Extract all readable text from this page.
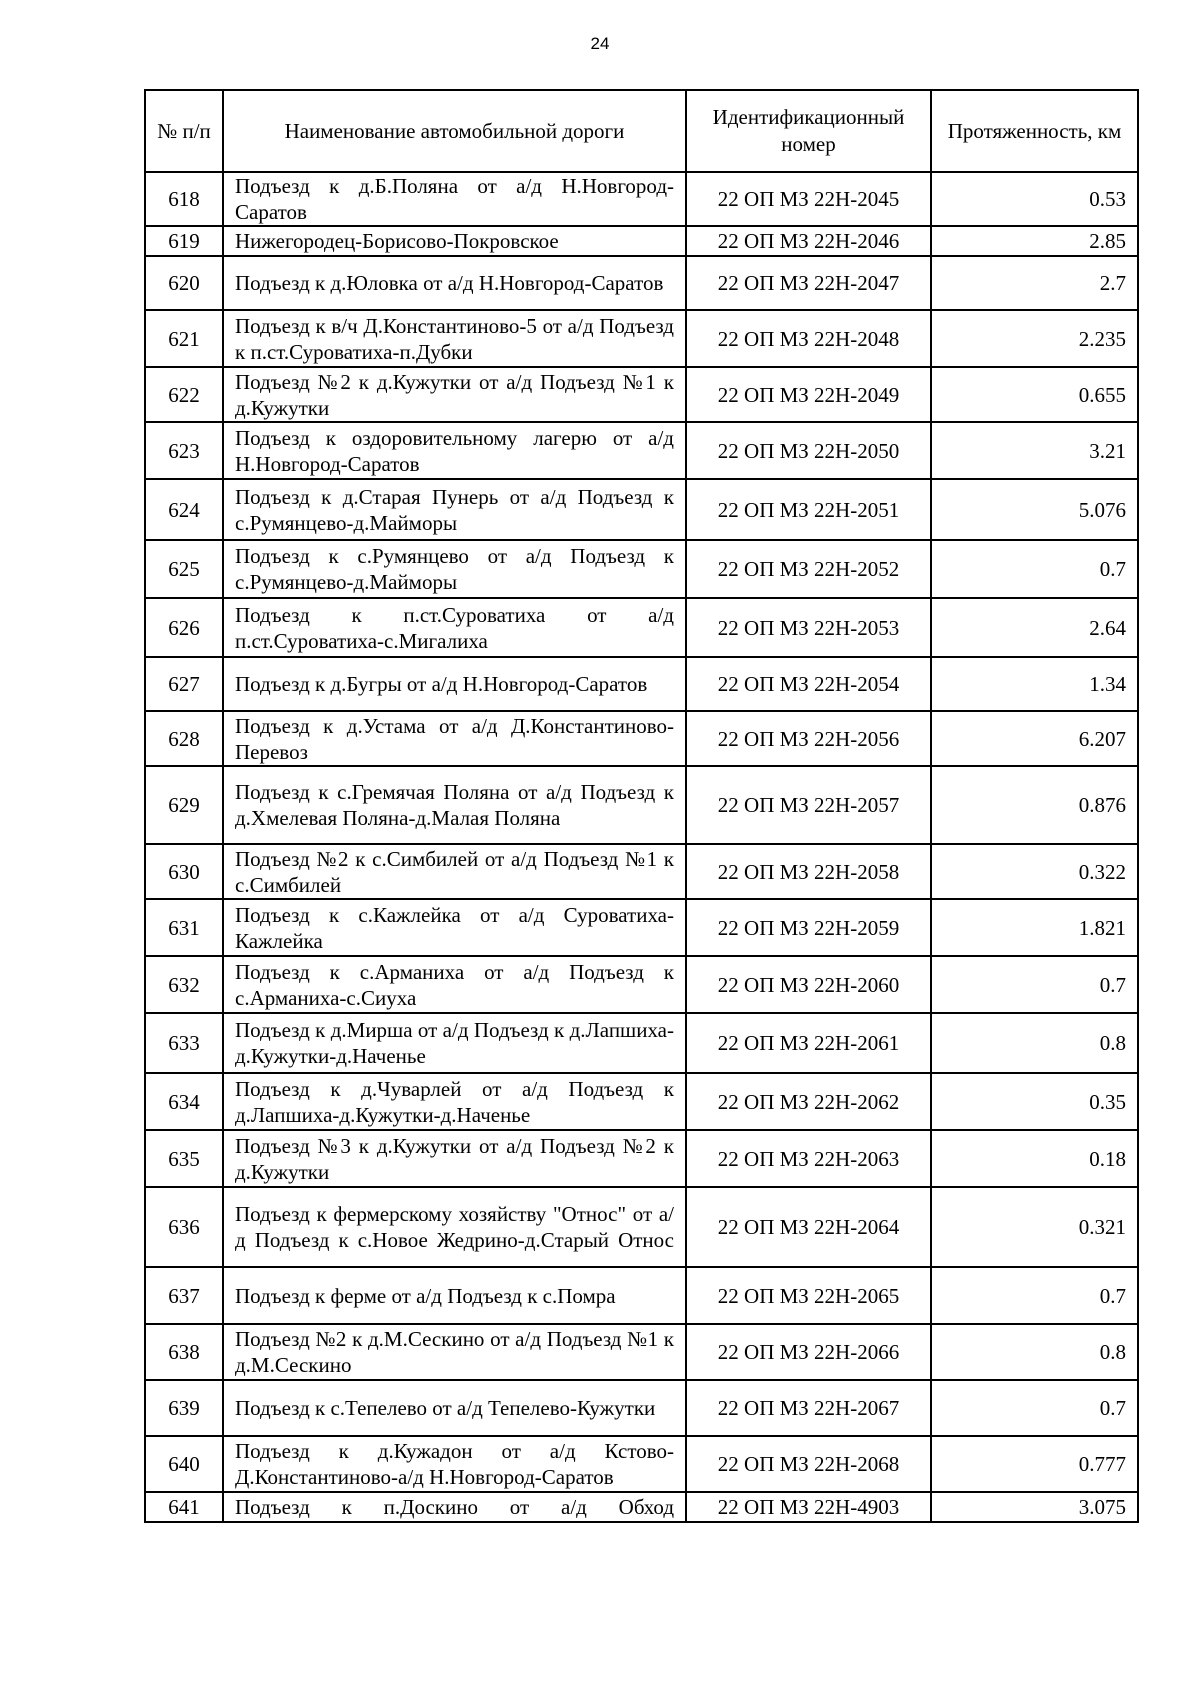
24
№ п/п	Наименование автомобильной дороги	Идентификационный номер	Протяженность, км
618	Подъезд к д.Б.Поляна от а/д Н.Новгород-Саратов	22 ОП МЗ 22Н-2045	0.53
619	Нижегородец-Борисово-Покровское	22 ОП МЗ 22Н-2046	2.85
620	Подъезд к д.Юловка от а/д Н.Новгород-Саратов	22 ОП МЗ 22Н-2047	2.7
621	Подъезд к в/ч Д.Константиново-5 от а/д Подъезд к п.ст.Суроватиха-п.Дубки	22 ОП МЗ 22Н-2048	2.235
622	Подъезд №2 к д.Кужутки от а/д Подъезд №1 к д.Кужутки	22 ОП МЗ 22Н-2049	0.655
623	Подъезд к оздоровительному лагерю от а/д Н.Новгород-Саратов	22 ОП МЗ 22Н-2050	3.21
624	Подъезд к д.Старая Пунерь от а/д Подъезд к с.Румянцево-д.Майморы	22 ОП МЗ 22Н-2051	5.076
625	Подъезд к с.Румянцево от а/д Подъезд к с.Румянцево-д.Майморы	22 ОП МЗ 22Н-2052	0.7
626	Подъезд к п.ст.Суроватиха от а/д п.ст.Суроватиха-с.Мигалиха	22 ОП МЗ 22Н-2053	2.64
627	Подъезд к д.Бугры от а/д Н.Новгород-Саратов	22 ОП МЗ 22Н-2054	1.34
628	Подъезд к д.Устама от а/д Д.Константиново-Перевоз	22 ОП МЗ 22Н-2056	6.207
629	Подъезд к с.Гремячая Поляна от а/д Подъезд к д.Хмелевая Поляна-д.Малая Поляна	22 ОП МЗ 22Н-2057	0.876
630	Подъезд №2 к с.Симбилей от а/д Подъезд №1 к с.Симбилей	22 ОП МЗ 22Н-2058	0.322
631	Подъезд к с.Кажлейка от а/д Суроватиха-Кажлейка	22 ОП МЗ 22Н-2059	1.821
632	Подъезд к с.Арманиха от а/д Подъезд к с.Арманиха-с.Сиуха	22 ОП МЗ 22Н-2060	0.7
633	Подъезд к д.Мирша от а/д Подъезд к д.Лапшиха-д.Кужутки-д.Наченье	22 ОП МЗ 22Н-2061	0.8
634	Подъезд к д.Чуварлей от а/д Подъезд к д.Лапшиха-д.Кужутки-д.Наченье	22 ОП МЗ 22Н-2062	0.35
635	Подъезд №3 к д.Кужутки от а/д Подъезд №2 к д.Кужутки	22 ОП МЗ 22Н-2063	0.18
636	Подъезд к фермерскому хозяйству "Относ" от а/д Подъезд к с.Новое Жедрино-д.Старый Относ	22 ОП МЗ 22Н-2064	0.321
637	Подъезд к ферме от а/д Подъезд к с.Помра	22 ОП МЗ 22Н-2065	0.7
638	Подъезд №2 к д.М.Сескино от а/д Подъезд №1 к д.М.Сескино	22 ОП МЗ 22Н-2066	0.8
639	Подъезд к с.Тепелево от а/д Тепелево-Кужутки	22 ОП МЗ 22Н-2067	0.7
640	Подъезд к д.Кужадон от а/д Кстово-Д.Константиново-а/д Н.Новгород-Саратов	22 ОП МЗ 22Н-2068	0.777
641	Подъезд к п.Доскино от а/д Обход	22 ОП МЗ 22Н-4903	3.075
